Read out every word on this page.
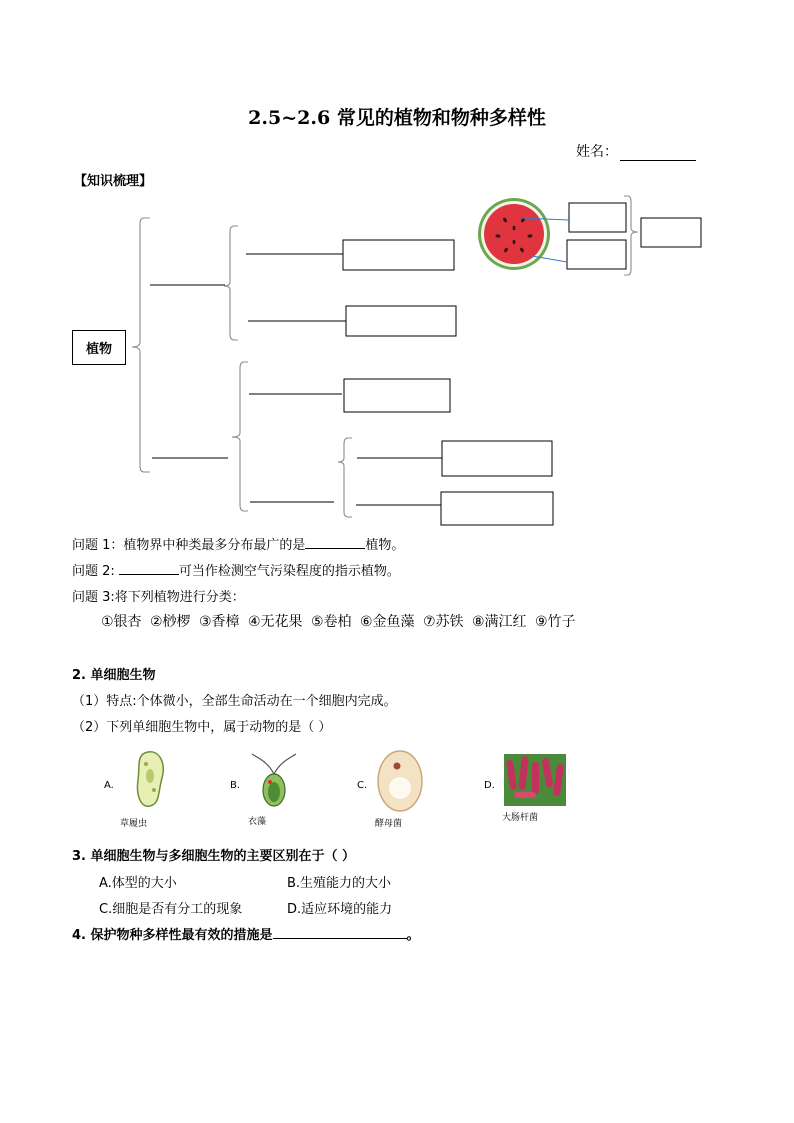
2.5~2.6 常见的植物和物种多样性
姓名：
【知识梳理】
植物
问题 1：植物界中种类最多分布最广的是	植物。
问题 2:	可当作检测空气污染程度的指示植物。
问题 3:将下列植物进行分类：
①银杏 ②桫椤 ③香樟 ④无花果 ⑤卷柏 ⑥金鱼藻 ⑦苏铁 ⑧满江红 ⑨竹子
2. 单细胞生物
（1）特点:个体微小，全部生命活动在一个细胞内完成。
（2）下列单细胞生物中，属于动物的是（ ）
A.
草履虫
B.
衣藻
C.
酵母菌
D.
大肠杆菌
3. 单细胞生物与多细胞生物的主要区别在于（ ）
A.体型的大小	B.生殖能力的大小
C.细胞是否有分工的现象	D.适应环境的能力
4. 保护物种多样性最有效的措施是	。
